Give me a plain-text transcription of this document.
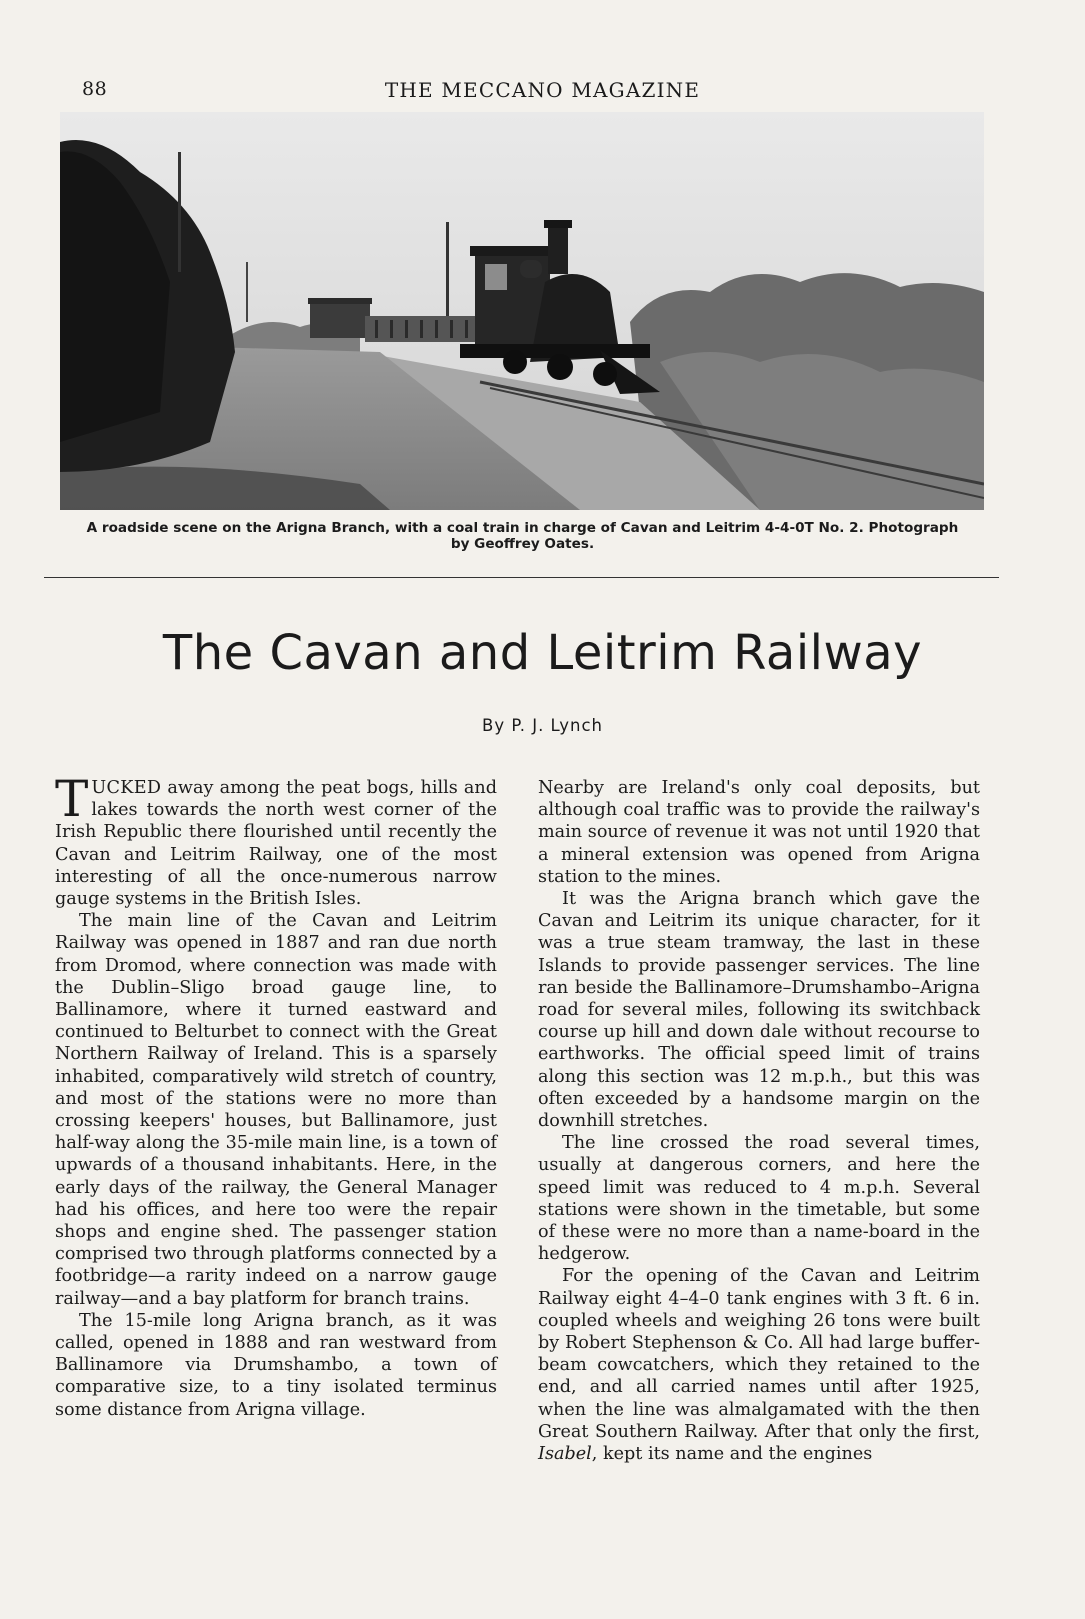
88	THE MECCANO MAGAZINE
A roadside scene on the Arigna Branch, with a coal train in charge of Cavan and Leitrim 4-4-0T No. 2. Photograph
by Geoffrey Oates.
The Cavan and Leitrim Railway
By P. J. Lynch

TUCKED away among the peat bogs, hills and lakes towards the north west corner of the Irish Republic there flourished until recently the Cavan and Leitrim Railway, one of the most interesting of all the once-numerous narrow gauge systems in the British Isles.

The main line of the Cavan and Leitrim Railway was opened in 1887 and ran due north from Dromod, where connection was made with the Dublin–Sligo broad gauge line, to Ballinamore, where it turned eastward and continued to Belturbet to connect with the Great Northern Railway of Ireland. This is a sparsely inhabited, comparatively wild stretch of country, and most of the stations were no more than crossing keepers' houses, but Ballinamore, just half-way along the 35-mile main line, is a town of upwards of a thousand inhabitants. Here, in the early days of the railway, the General Manager had his offices, and here too were the repair shops and engine shed. The passenger station comprised two through platforms connected by a footbridge—a rarity indeed on a narrow gauge railway—and a bay platform for branch trains.

The 15-mile long Arigna branch, as it was called, opened in 1888 and ran westward from Ballinamore via Drumshambo, a town of comparative size, to a tiny isolated terminus some distance from Arigna village.

Nearby are Ireland's only coal deposits, but although coal traffic was to provide the railway's main source of revenue it was not until 1920 that a mineral extension was opened from Arigna station to the mines.

It was the Arigna branch which gave the Cavan and Leitrim its unique character, for it was a true steam tramway, the last in these Islands to provide passenger services. The line ran beside the Ballinamore–Drumshambo–Arigna road for several miles, following its switchback course up hill and down dale without recourse to earthworks. The official speed limit of trains along this section was 12 m.p.h., but this was often exceeded by a handsome margin on the downhill stretches.

The line crossed the road several times, usually at dangerous corners, and here the speed limit was reduced to 4 m.p.h. Several stations were shown in the timetable, but some of these were no more than a name-board in the hedgerow.

For the opening of the Cavan and Leitrim Railway eight 4–4–0 tank engines with 3 ft. 6 in. coupled wheels and weighing 26 tons were built by Robert Stephenson & Co. All had large buffer-beam cowcatchers, which they retained to the end, and all carried names until after 1925, when the line was almalgamated with the then Great Southern Railway. After that only the first, Isabel, kept its name and the engines
